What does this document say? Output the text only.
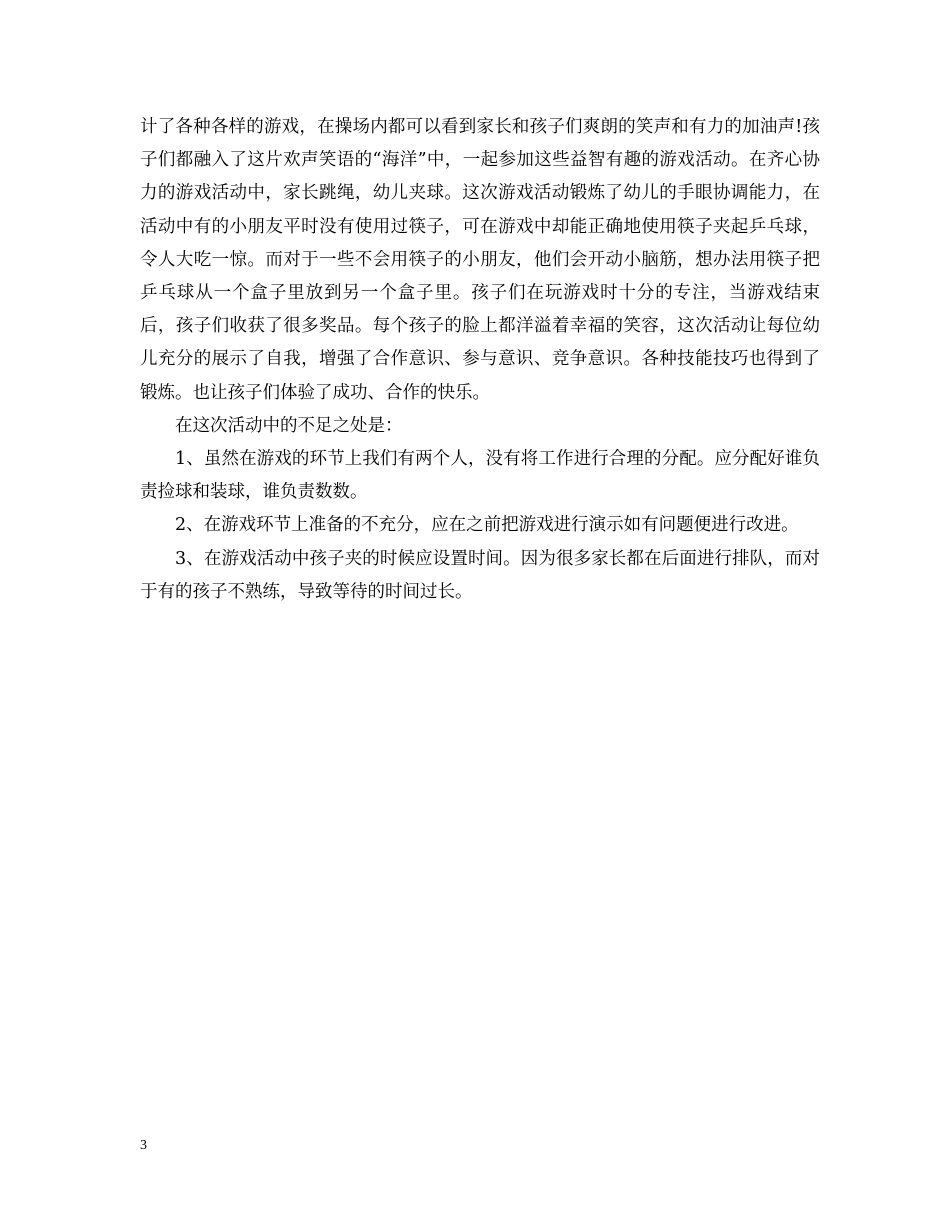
计了各种各样的游戏，在操场内都可以看到家长和孩子们爽朗的笑声和有力的加油声!孩子们都融入了这片欢声笑语的“海洋”中，一起参加这些益智有趣的游戏活动。在齐心协力的游戏活动中，家长跳绳，幼儿夹球。这次游戏活动锻炼了幼儿的手眼协调能力，在活动中有的小朋友平时没有使用过筷子，可在游戏中却能正确地使用筷子夹起乒乓球，令人大吃一惊。而对于一些不会用筷子的小朋友，他们会开动小脑筋，想办法用筷子把乒乓球从一个盒子里放到另一个盒子里。孩子们在玩游戏时十分的专注，当游戏结束后，孩子们收获了很多奖品。每个孩子的脸上都洋溢着幸福的笑容，这次活动让每位幼儿充分的展示了自我，增强了合作意识、参与意识、竞争意识。各种技能技巧也得到了锻炼。也让孩子们体验了成功、合作的快乐。

在这次活动中的不足之处是：

1、虽然在游戏的环节上我们有两个人，没有将工作进行合理的分配。应分配好谁负责捡球和装球，谁负责数数。

2、在游戏环节上准备的不充分，应在之前把游戏进行演示如有问题便进行改进。

3、在游戏活动中孩子夹的时候应设置时间。因为很多家长都在后面进行排队，而对于有的孩子不熟练，导致等待的时间过长。

3
